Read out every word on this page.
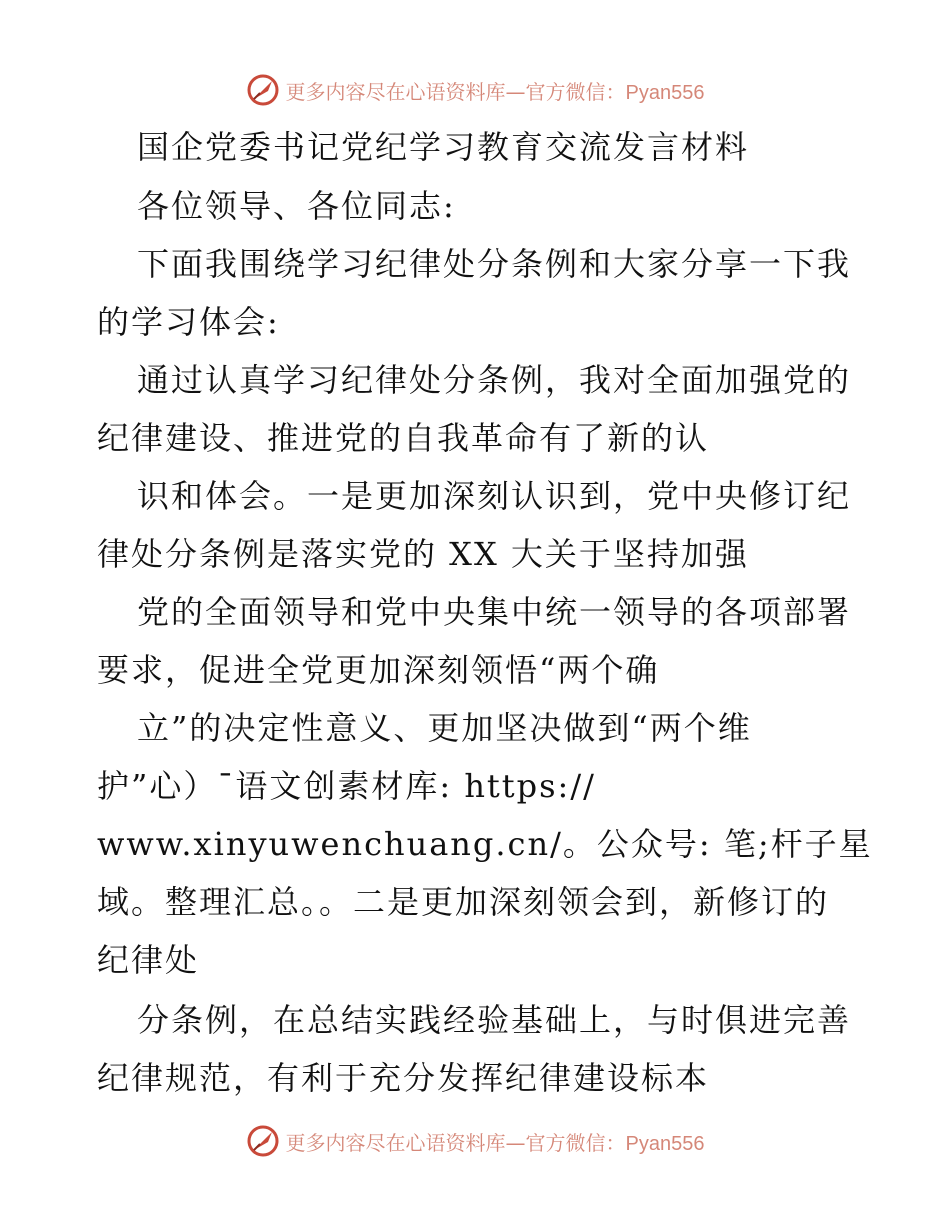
更多内容尽在心语资料库—官方微信：Pyan556
国企党委书记党纪学习教育交流发言材料
各位领导、各位同志:
下面我围绕学习纪律处分条例和大家分享一下我
的学习体会:
通过认真学习纪律处分条例，我对全面加强党的
纪律建设、推进党的自我革命有了新的认
识和体会。一是更加深刻认识到，党中央修订纪
律处分条例是落实党的 XX 大关于坚持加强
党的全面领导和党中央集中统一领导的各项部署
要求，促进全党更加深刻领悟“两个确
立”的决定性意义、更加坚决做到“两个维
护”心）¯语文创素材库: https://
www.xinyuwenchuang.cn/。公众号: 笔;杆子星
域。整理汇总。。二是更加深刻领会到，新修订的
纪律处
分条例，在总结实践经验基础上，与时俱进完善
纪律规范，有利于充分发挥纪律建设标本
更多内容尽在心语资料库—官方微信：Pyan556
